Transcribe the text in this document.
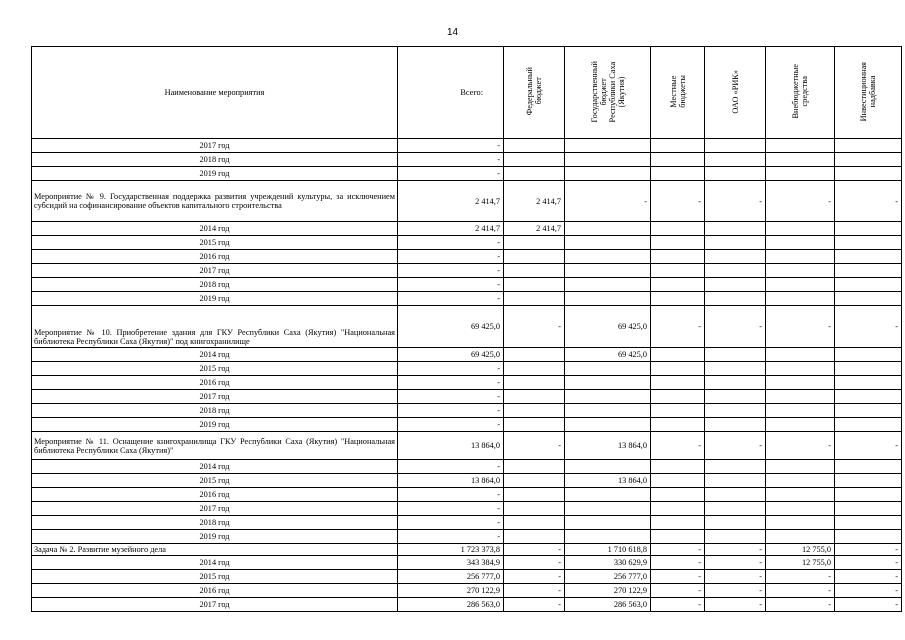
14
Наименование мероприятия	Всего:	Федеральный
бюджет	Государственный
бюджет
Республики Саха
(Якутия)	Местные
бюджеты	ОАО «РИК»	Внебюджетные
средства	Инвестиционная
надбавка
2017 год	-						
2018 год	-						
2019 год	-						
Мероприятие № 9. Государственная поддержка развития учреждений культуры, за исключением субсидий на софинансирование объектов капитального строительства	2 414,7	2 414,7	-	-	-	-	-
2014 год	2 414,7	2 414,7					
2015 год	-						
2016 год	-						
2017 год	-						
2018 год	-						
2019 год	-						
Мероприятие № 10. Приобретение здания для ГКУ Республики Саха (Якутия) "Национальная библиотека Республики Саха (Якутия)" под книгохранилище	69 425,0	-	69 425,0	-	-	-	-
2014 год	69 425,0		69 425,0				
2015 год	-						
2016 год	-						
2017 год	-						
2018 год	-						
2019 год	-						
Мероприятие № 11. Оснащение книгохранилища ГКУ Республики Саха (Якутия) "Национальная библиотека Республики Саха (Якутия)"	13 864,0	-	13 864,0	-	-	-	-
2014 год	-						
2015 год	13 864,0		13 864,0				
2016 год	-						
2017 год	-						
2018 год	-						
2019 год	-						
Задача № 2. Развитие музейного дела	1 723 373,8	-	1 710 618,8	-	-	12 755,0	-
2014 год	343 384,9	-	330 629,9	-	-	12 755,0	-
2015 год	256 777,0	-	256 777,0	-	-	-	-
2016 год	270 122,9	-	270 122,9	-	-	-	-
2017 год	286 563,0	-	286 563,0	-	-	-	-
